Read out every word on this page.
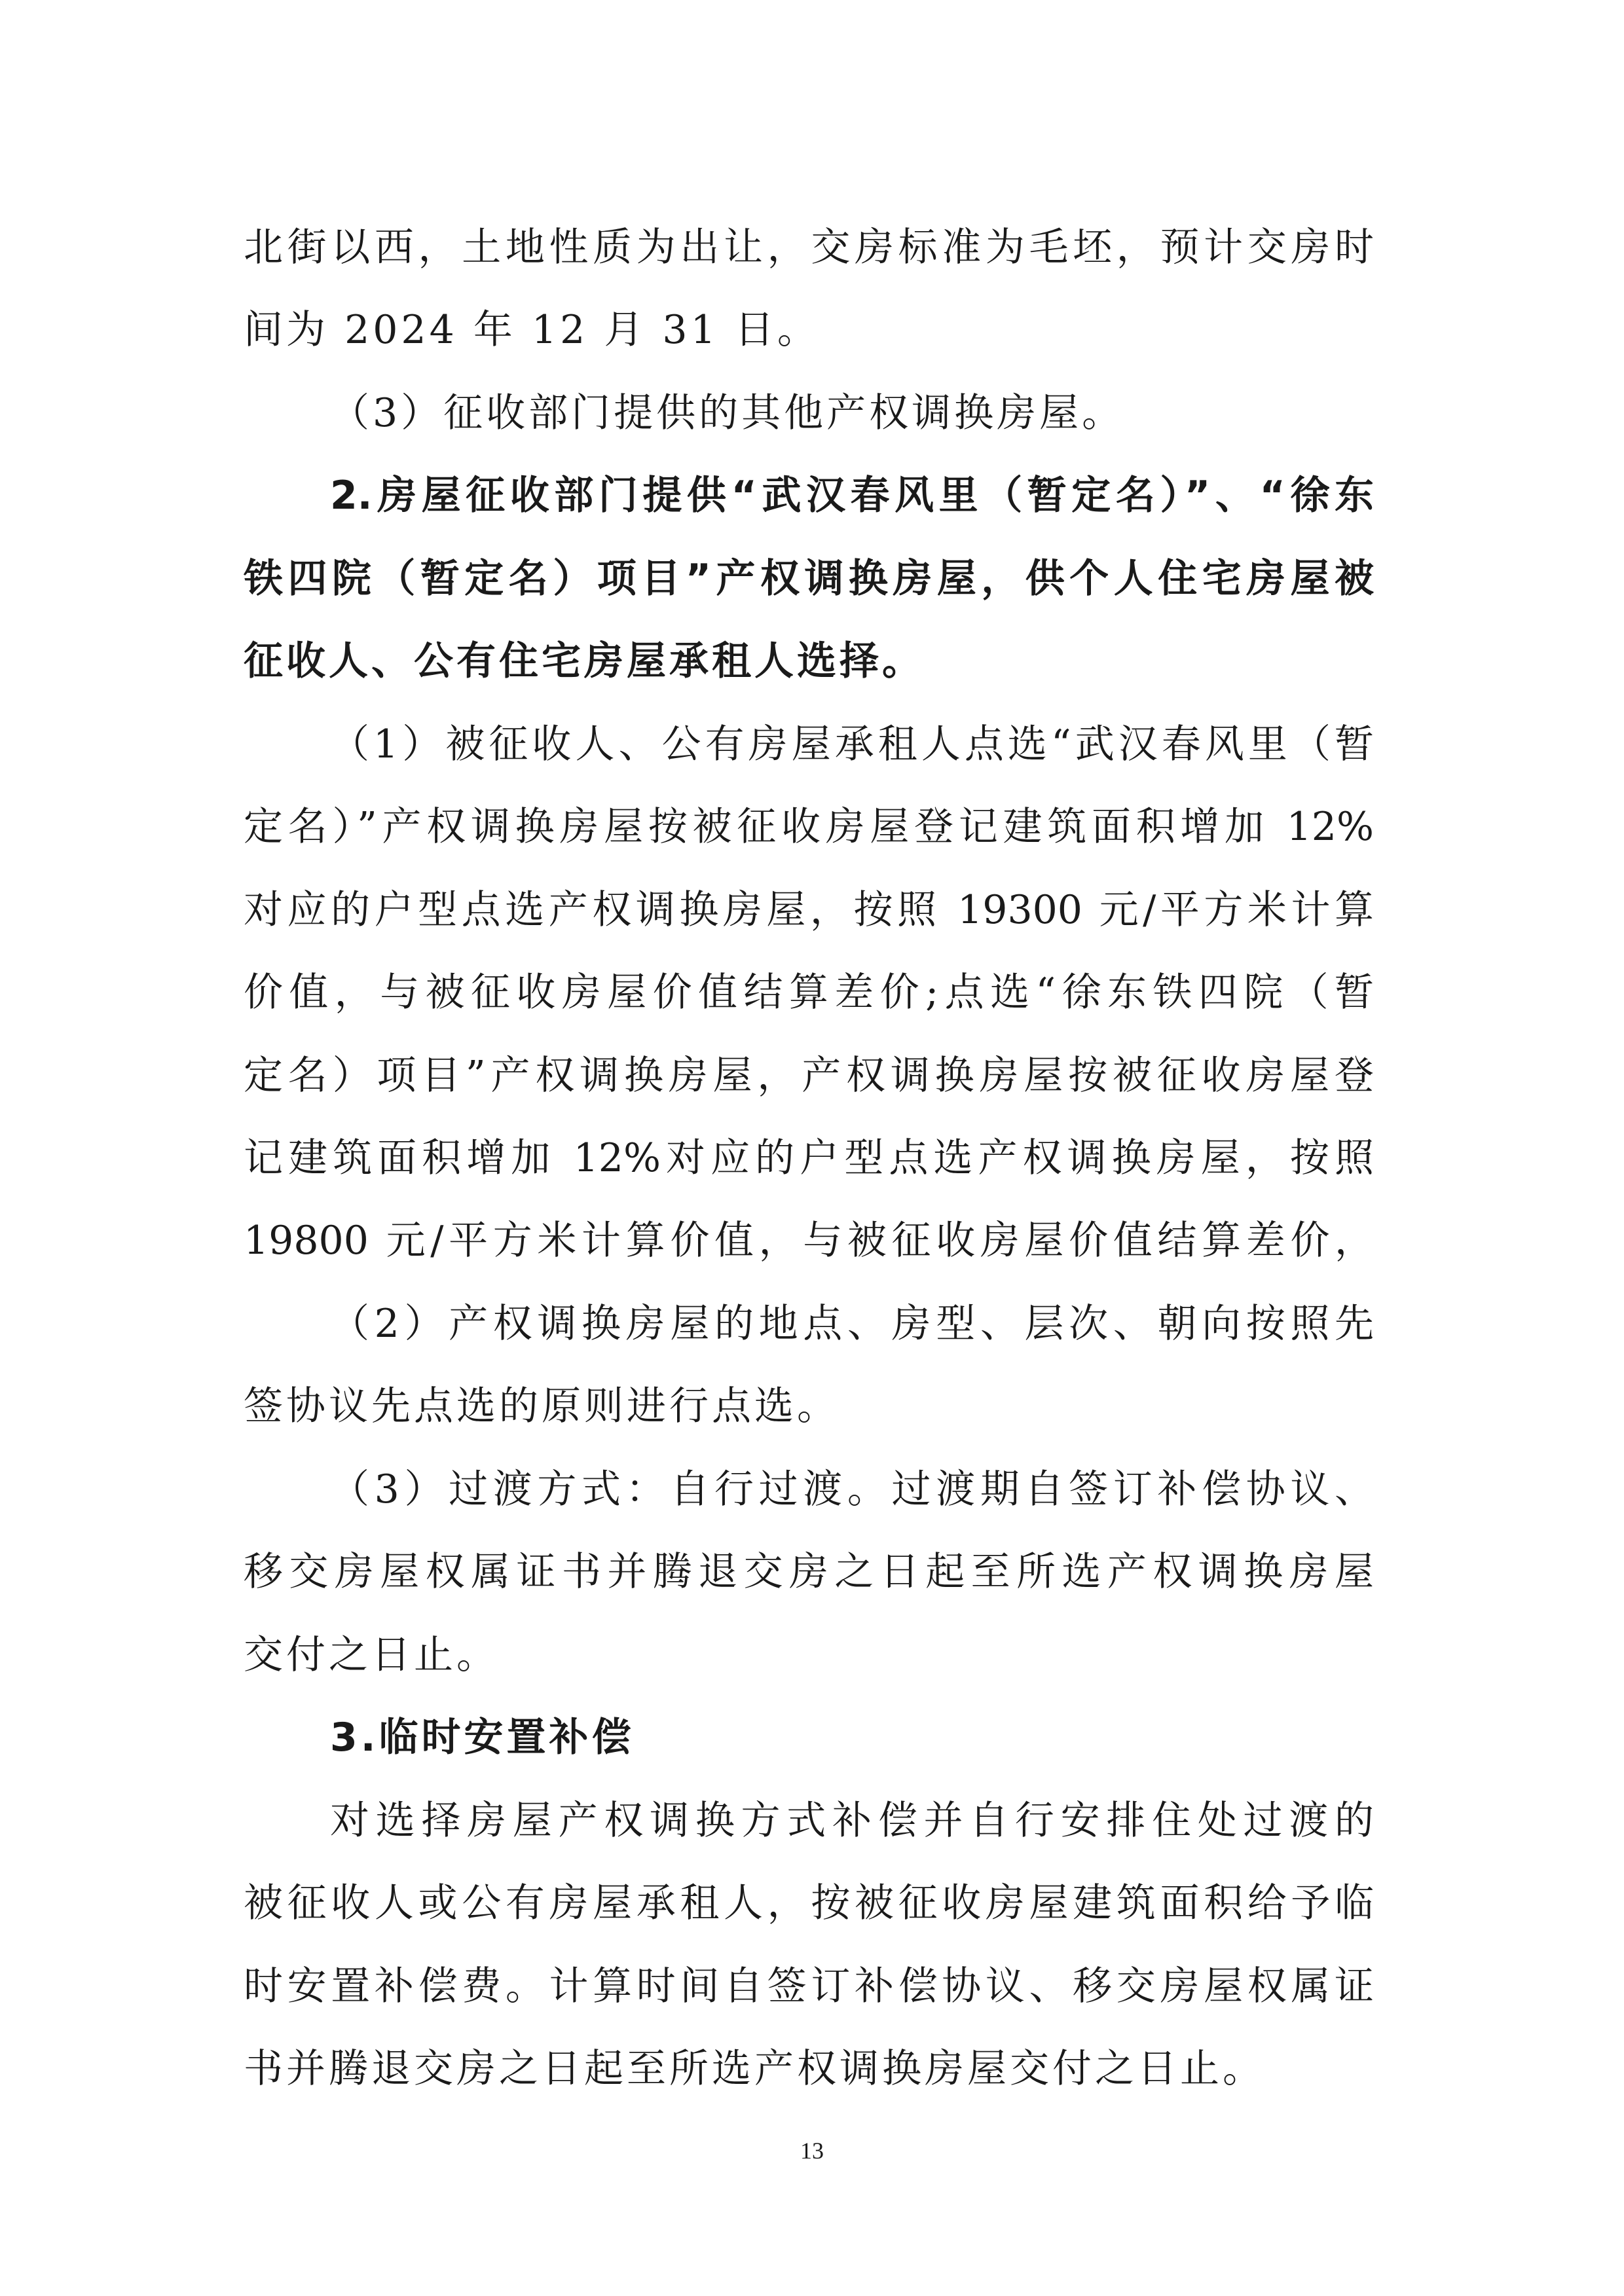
北街以西，土地性质为出让，交房标准为毛坯，预计交房时
间为 2024 年 12 月 31 日。
（3）征收部门提供的其他产权调换房屋。
2.房屋征收部门提供“武汉春风里（暂定名）”、“徐东
铁四院（暂定名）项目”产权调换房屋，供个人住宅房屋被
征收人、公有住宅房屋承租人选择。
（1）被征收人、公有房屋承租人点选“武汉春风里（暂
定名）”产权调换房屋按被征收房屋登记建筑面积增加 12%
对应的户型点选产权调换房屋，按照 19300 元/平方米计算
价值，与被征收房屋价值结算差价;点选“徐东铁四院（暂
定名）项目”产权调换房屋，产权调换房屋按被征收房屋登
记建筑面积增加 12%对应的户型点选产权调换房屋，按照
19800 元/平方米计算价值，与被征收房屋价值结算差价，
（2）产权调换房屋的地点、房型、层次、朝向按照先
签协议先点选的原则进行点选。
（3）过渡方式：自行过渡。过渡期自签订补偿协议、
移交房屋权属证书并腾退交房之日起至所选产权调换房屋
交付之日止。
3.临时安置补偿
对选择房屋产权调换方式补偿并自行安排住处过渡的
被征收人或公有房屋承租人，按被征收房屋建筑面积给予临
时安置补偿费。计算时间自签订补偿协议、移交房屋权属证
书并腾退交房之日起至所选产权调换房屋交付之日止。
13
